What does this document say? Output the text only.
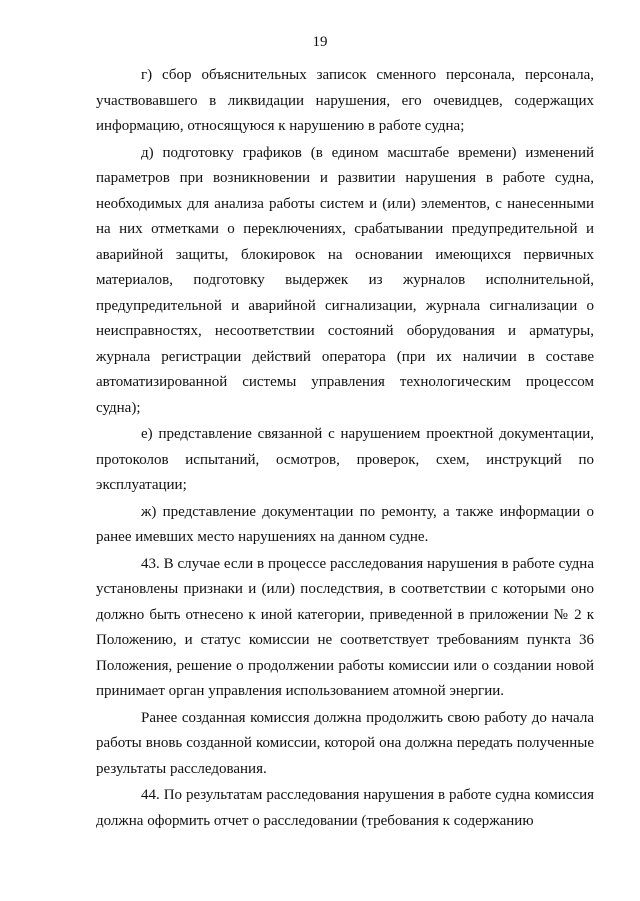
19

г) сбор объяснительных записок сменного персонала, персонала, участвовавшего в ликвидации нарушения, его очевидцев, содержащих информацию, относящуюся к нарушению в работе судна;

д) подготовку графиков (в едином масштабе времени) изменений параметров при возникновении и развитии нарушения в работе судна, необходимых для анализа работы систем и (или) элементов, с нанесенными на них отметками о переключениях, срабатывании предупредительной и аварийной защиты, блокировок на основании имеющихся первичных материалов, подготовку выдержек из журналов исполнительной, предупредительной и аварийной сигнализации, журнала сигнализации о неисправностях, несоответствии состояний оборудования и арматуры, журнала регистрации действий оператора (при их наличии в составе автоматизированной системы управления технологическим процессом судна);

е) представление связанной с нарушением проектной документации, протоколов испытаний, осмотров, проверок, схем, инструкций по эксплуатации;

ж) представление документации по ремонту, а также информации о ранее имевших место нарушениях на данном судне.

43. В случае если в процессе расследования нарушения в работе судна установлены признаки и (или) последствия, в соответствии с которыми оно должно быть отнесено к иной категории, приведенной в приложении № 2 к Положению, и статус комиссии не соответствует требованиям пункта 36 Положения, решение о продолжении работы комиссии или о создании новой принимает орган управления использованием атомной энергии.

Ранее созданная комиссия должна продолжить свою работу до начала работы вновь созданной комиссии, которой она должна передать полученные результаты расследования.

44. По результатам расследования нарушения в работе судна комиссия должна оформить отчет о расследовании (требования к содержанию
